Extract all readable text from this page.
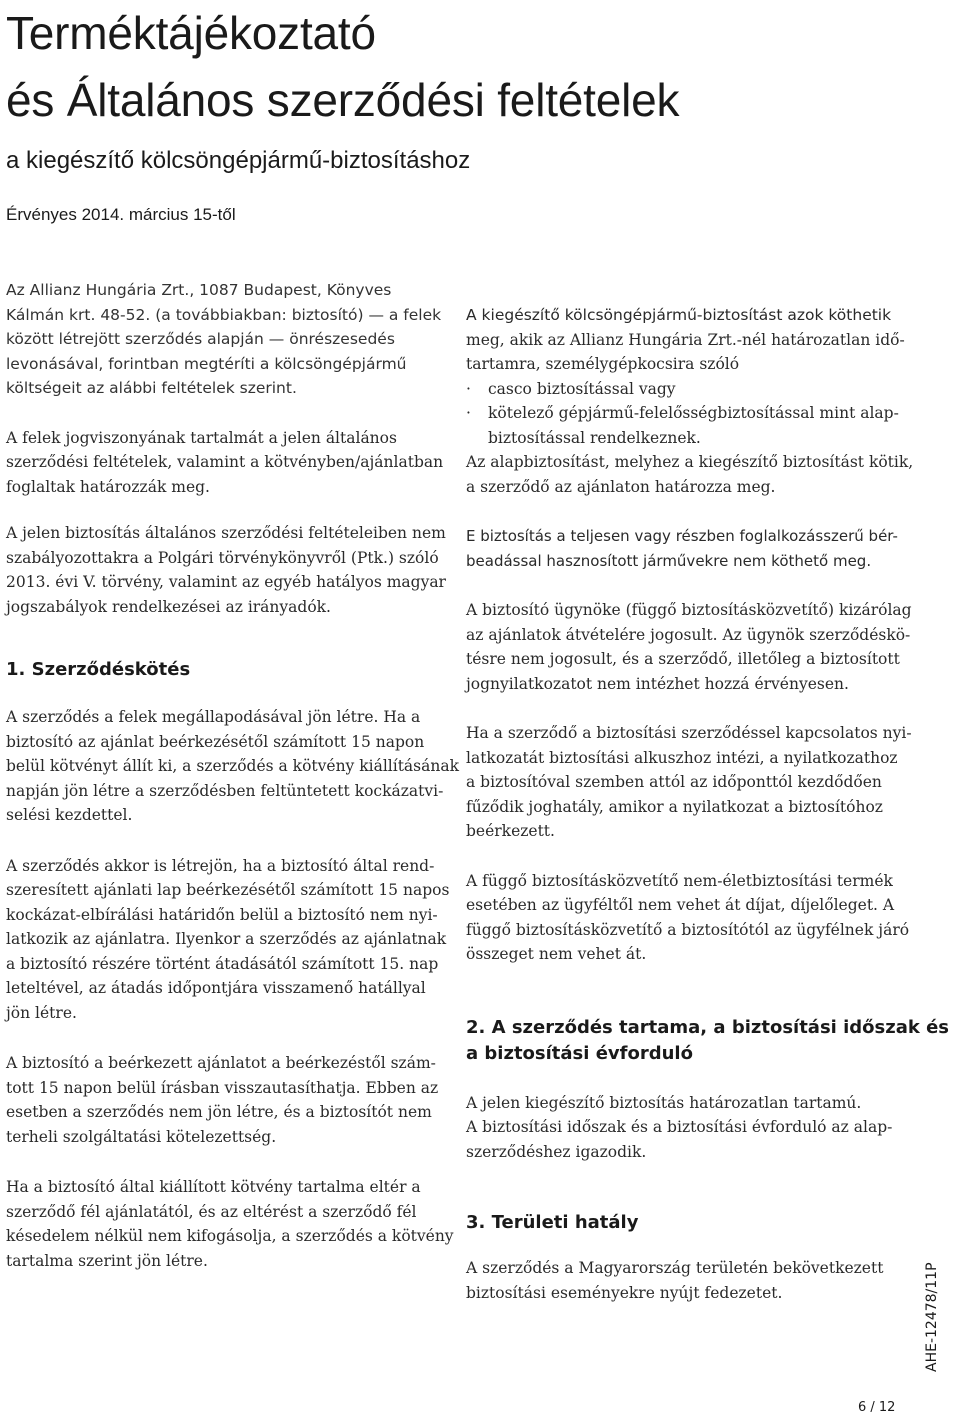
Terméktájékoztató
és Általános szerződési feltételek

a kiegészítő kölcsöngépjármű-biztosításhoz

Érvényes 2014. március 15-től

Az Allianz Hungária Zrt., 1087 Budapest, Könyves
Kálmán krt. 48-52. (a továbbiakban: biztosító) — a felek
között létrejött szerződés alapján — önrészesedés
levonásával, forintban megtéríti a kölcsöngépjármű
költségeit az alábbi feltételek szerint.

A felek jogviszonyának tartalmát a jelen általános
szerződési feltételek, valamint a kötvényben/ajánlatban
foglaltak határozzák meg.

A jelen biztosítás általános szerződési feltételeiben nem
szabályozottakra a Polgári törvénykönyvről (Ptk.) szóló
2013. évi V. törvény, valamint az egyéb hatályos magyar
jogszabályok rendelkezései az irányadók.

1. Szerződéskötés

A szerződés a felek megállapodásával jön létre. Ha a
biztosító az ajánlat beérkezésétől számított 15 napon
belül kötvényt állít ki, a szerződés a kötvény kiállításának
napján jön létre a szerződésben feltüntetett kockázatvi-
selési kezdettel.

A szerződés akkor is létrejön, ha a biztosító által rend-
szeresített ajánlati lap beérkezésétől számított 15 napos
kockázat-elbírálási határidőn belül a biztosító nem nyi-
latkozik az ajánlatra. Ilyenkor a szerződés az ajánlatnak
a biztosító részére történt átadásától számított 15. nap
leteltével, az átadás időpontjára visszamenő hatállyal
jön létre.

A biztosító a beérkezett ajánlatot a beérkezéstől szám-
tott 15 napon belül írásban visszautasíthatja. Ebben az
esetben a szerződés nem jön létre, és a biztosítót nem
terheli szolgáltatási kötelezettség.

Ha a biztosító által kiállított kötvény tartalma eltér a
szerződő fél ajánlatától, és az eltérést a szerződő fél
késedelem nélkül nem kifogásolja, a szerződés a kötvény
tartalma szerint jön létre.

A kiegészítő kölcsöngépjármű-biztosítást azok köthetik
meg, akik az Allianz Hungária Zrt.-nél határozatlan idő-
tartamra, személygépkocsira szóló
· casco biztosítással vagy
· kötelező gépjármű-felelősségbiztosítással mint alap-
biztosítással rendelkeznek.
Az alapbiztosítást, melyhez a kiegészítő biztosítást kötik,
a szerződő az ajánlaton határozza meg.

E biztosítás a teljesen vagy részben foglalkozásszerű bér-
beadással hasznosított járművekre nem köthető meg.

A biztosító ügynöke (függő biztosításközvetítő) kizárólag
az ajánlatok átvételére jogosult. Az ügynök szerződéskö-
tésre nem jogosult, és a szerződő, illetőleg a biztosított
jognyilatkozatot nem intézhet hozzá érvényesen.

Ha a szerződő a biztosítási szerződéssel kapcsolatos nyi-
latkozatát biztosítási alkuszhoz intézi, a nyilatkozathoz
a biztosítóval szemben attól az időponttól kezdődően
fűződik joghatály, amikor a nyilatkozat a biztosítóhoz
beérkezett.

A függő biztosításközvetítő nem-életbiztosítási termék
esetében az ügyféltől nem vehet át díjat, díjelőleget. A
függő biztosításközvetítő a biztosítótól az ügyfélnek járó
összeget nem vehet át.

2. A szerződés tartama, a biztosítási időszak és
a biztosítási évforduló

A jelen kiegészítő biztosítás határozatlan tartamú.
A biztosítási időszak és a biztosítási évforduló az alap-
szerződéshez igazodik.

3. Területi hatály

A szerződés a Magyarország területén bekövetkezett
biztosítási eseményekre nyújt fedezetet.	AHE-12478/11P
6 / 12
